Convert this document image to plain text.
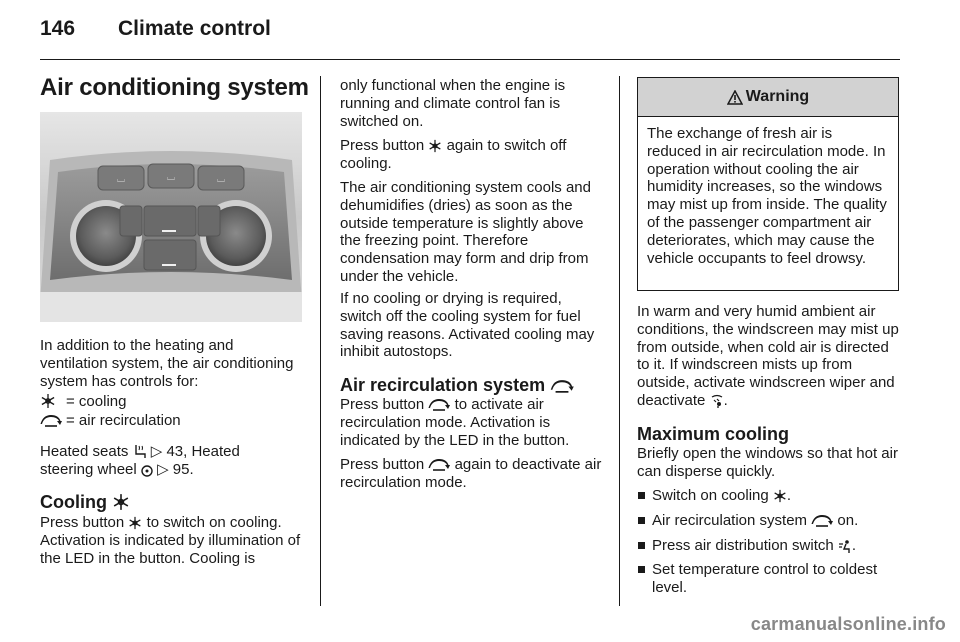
146 Climate control
Air conditioning system
⌴	⌴	⌴
In addition to the heating and ventilation system, the air conditioning system has controls for:
= cooling
= air recirculation
Heated seats ▷ 43, Heated
steering wheel ▷ 95.
Cooling
Press button to switch on cooling. Activation is indicated by illumination of the LED in the button. Cooling is
only functional when the engine is running and climate control fan is switched on.
Press button again to switch off cooling.
The air conditioning system cools and dehumidifies (dries) as soon as the outside temperature is slightly above the freezing point. Therefore condensation may form and drip from under the vehicle.
If no cooling or drying is required, switch off the cooling system for fuel saving reasons. Activated cooling may inhibit autostops.
Air recirculation system
Press button to activate air recirculation mode. Activation is indicated by the LED in the button.
Press button again to deactivate air recirculation mode.
Warning
The exchange of fresh air is reduced in air recirculation mode. In operation without cooling the air humidity increases, so the windows may mist up from inside. The quality of the passenger compartment air deteriorates, which may cause the vehicle occupants to feel drowsy.
In warm and very humid ambient air conditions, the windscreen may mist up from outside, when cold air is directed to it. If windscreen mists up from outside, activate windscreen wiper and deactivate .
Maximum cooling
Briefly open the windows so that hot air can disperse quickly.
Switch on cooling .
Air recirculation system on.
Press air distribution switch .
Set temperature control to coldest level.
carmanualsonline.info
